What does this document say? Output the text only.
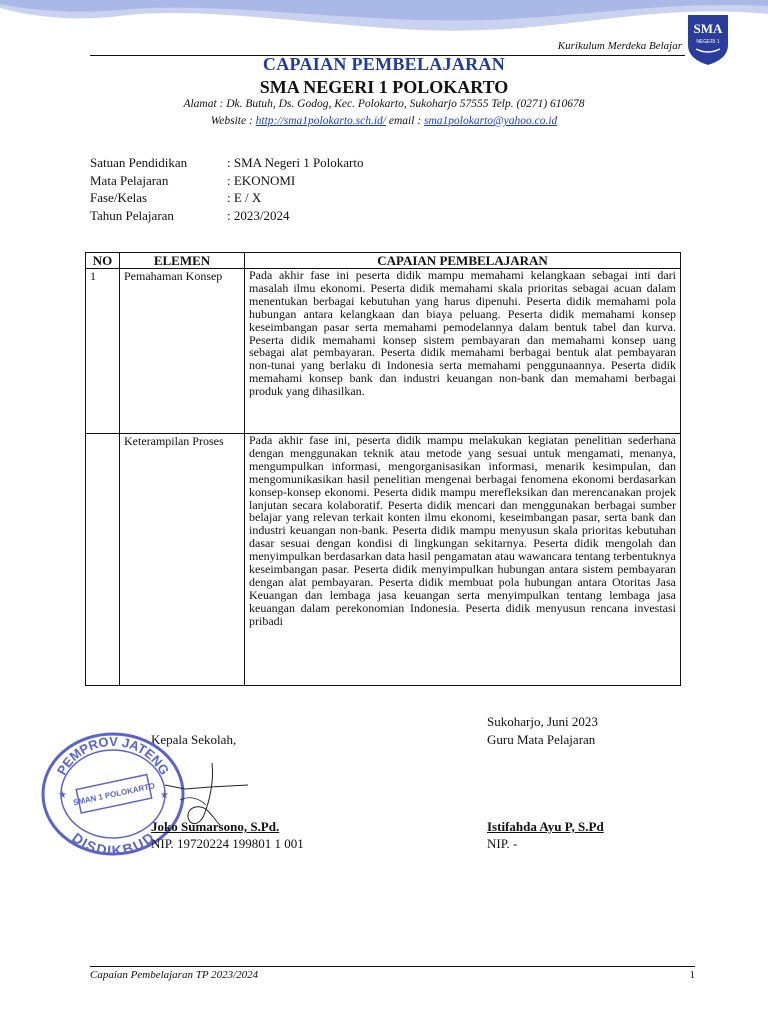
Kurikulum Merdeka Belajar
SMA
NEGERI 1
CAPAIAN PEMBELAJARAN
SMA NEGERI 1 POLOKARTO
Alamat : Dk. Butuh, Ds. Godog, Kec. Polokarto, Sukoharjo 57555 Telp. (0271) 610678
Website : http://sma1polokarto.sch.id/ email : sma1polokarto@yahoo.co.id
Satuan Pendidikan	: SMA Negeri 1 Polokarto
Mata Pelajaran	: EKONOMI
Fase/Kelas	: E / X
Tahun Pelajaran	: 2023/2024
NO	ELEMEN	CAPAIAN PEMBELAJARAN
1	Pemahaman Konsep	Pada akhir fase ini peserta didik mampu memahami kelangkaan sebagai inti dari masalah ilmu ekonomi. Peserta didik memahami skala prioritas sebagai acuan dalam menentukan berbagai kebutuhan yang harus dipenuhi. Peserta didik memahami pola hubungan antara kelangkaan dan biaya peluang. Peserta didik memahami konsep keseimbangan pasar serta memahami pemodelannya dalam bentuk tabel dan kurva. Peserta didik memahami konsep sistem pembayaran dan memahami konsep uang sebagai alat pembayaran. Peserta didik memahami berbagai bentuk alat pembayaran non-tunai yang berlaku di Indonesia serta memahami penggunaannya. Peserta didik memahami konsep bank dan industri keuangan non-bank dan memahami berbagai produk yang dihasilkan.
	Keterampilan Proses	Pada akhir fase ini, peserta didik mampu melakukan kegiatan penelitian sederhana dengan menggunakan teknik atau metode yang sesuai untuk mengamati, menanya, mengumpulkan informasi, mengorganisasikan informasi, menarik kesimpulan, dan mengomunikasikan hasil penelitian mengenai berbagai fenomena ekonomi berdasarkan konsep-konsep ekonomi. Peserta didik mampu merefleksikan dan merencanakan projek lanjutan secara kolaboratif. Peserta didik mencari dan menggunakan berbagai sumber belajar yang relevan terkait konten ilmu ekonomi, keseimbangan pasar, serta bank dan industri keuangan non-bank. Peserta didik mampu menyusun skala prioritas kebutuhan dasar sesuai dengan kondisi di lingkungan sekitarnya. Peserta didik mengolah dan menyimpulkan berdasarkan data hasil pengamatan atau wawancara tentang terbentuknya keseimbangan pasar. Peserta didik menyimpulkan hubungan antara sistem pembayaran dengan alat pembayaran. Peserta didik membuat pola hubungan antara Otoritas Jasa Keuangan dan lembaga jasa keuangan serta menyimpulkan tentang lembaga jasa keuangan dalam perekonomian Indonesia. Peserta didik menyusun rencana investasi pribadi
Sukoharjo, Juni 2023
Kepala Sekolah,	Guru Mata Pelajaran
PEMPROV JATENG
DISDIKBUD
SMAN 1 POLOKARTO
★	★
Joko Sumarsono, S.Pd.	Istifahda Ayu P, S.Pd
NIP. 19720224 199801 1 001	NIP. -
Capaian Pembelajaran TP 2023/2024	1
